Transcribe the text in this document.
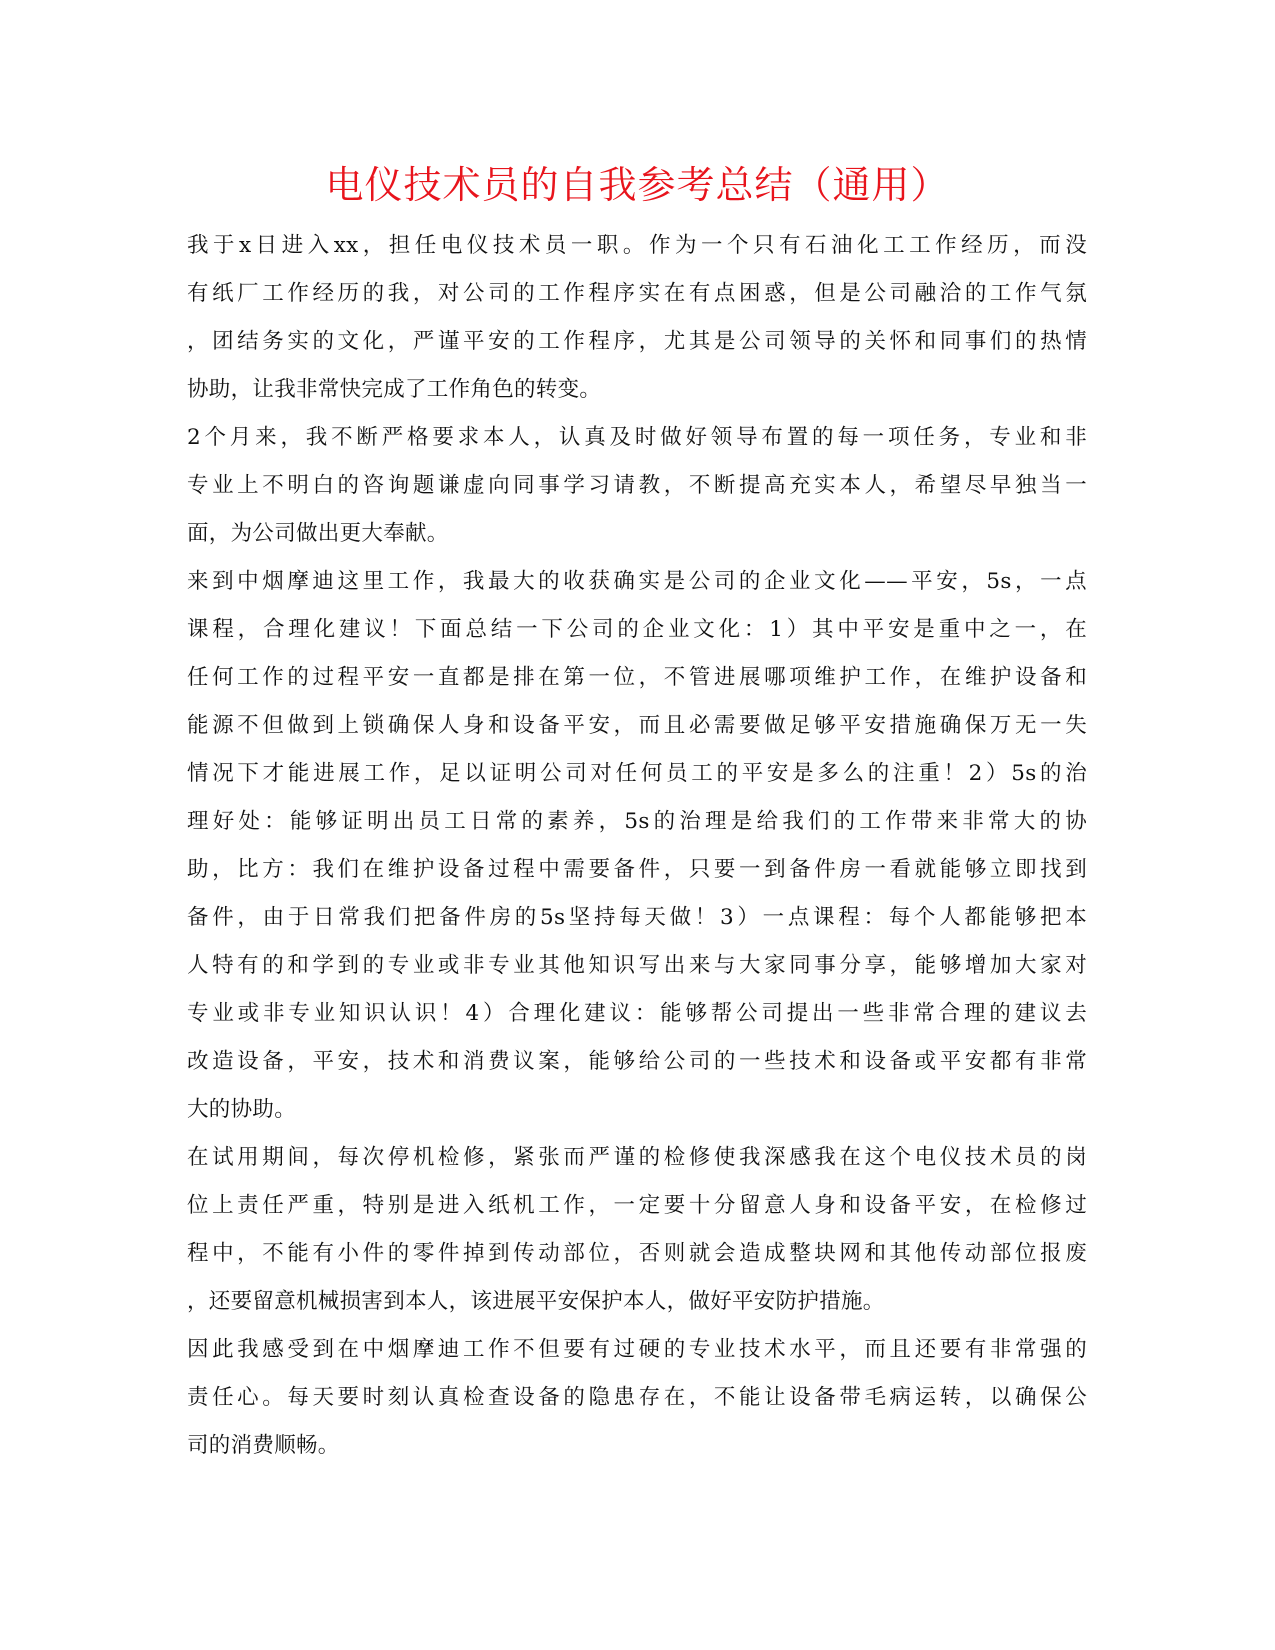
电仪技术员的自我参考总结（通用）
我于x日进入xx，担任电仪技术员一职。作为一个只有石油化工工作经历，而没
有纸厂工作经历的我，对公司的工作程序实在有点困惑，但是公司融洽的工作气氛
，团结务实的文化，严谨平安的工作程序，尤其是公司领导的关怀和同事们的热情
协助，让我非常快完成了工作角色的转变。
2个月来，我不断严格要求本人，认真及时做好领导布置的每一项任务，专业和非
专业上不明白的咨询题谦虚向同事学习请教，不断提高充实本人，希望尽早独当一
面，为公司做出更大奉献。
来到中烟摩迪这里工作，我最大的收获确实是公司的企业文化——平安，5s，一点
课程，合理化建议！下面总结一下公司的企业文化：1）其中平安是重中之一，在
任何工作的过程平安一直都是排在第一位，不管进展哪项维护工作，在维护设备和
能源不但做到上锁确保人身和设备平安，而且必需要做足够平安措施确保万无一失
情况下才能进展工作，足以证明公司对任何员工的平安是多么的注重！2）5s的治
理好处：能够证明出员工日常的素养，5s的治理是给我们的工作带来非常大的协
助，比方：我们在维护设备过程中需要备件，只要一到备件房一看就能够立即找到
备件，由于日常我们把备件房的5s坚持每天做！3）一点课程：每个人都能够把本
人特有的和学到的专业或非专业其他知识写出来与大家同事分享，能够增加大家对
专业或非专业知识认识！4）合理化建议：能够帮公司提出一些非常合理的建议去
改造设备，平安，技术和消费议案，能够给公司的一些技术和设备或平安都有非常
大的协助。
在试用期间，每次停机检修，紧张而严谨的检修使我深感我在这个电仪技术员的岗
位上责任严重，特别是进入纸机工作，一定要十分留意人身和设备平安，在检修过
程中，不能有小件的零件掉到传动部位，否则就会造成整块网和其他传动部位报废
，还要留意机械损害到本人，该进展平安保护本人，做好平安防护措施。
因此我感受到在中烟摩迪工作不但要有过硬的专业技术水平，而且还要有非常强的
责任心。每天要时刻认真检查设备的隐患存在，不能让设备带毛病运转，以确保公
司的消费顺畅。
